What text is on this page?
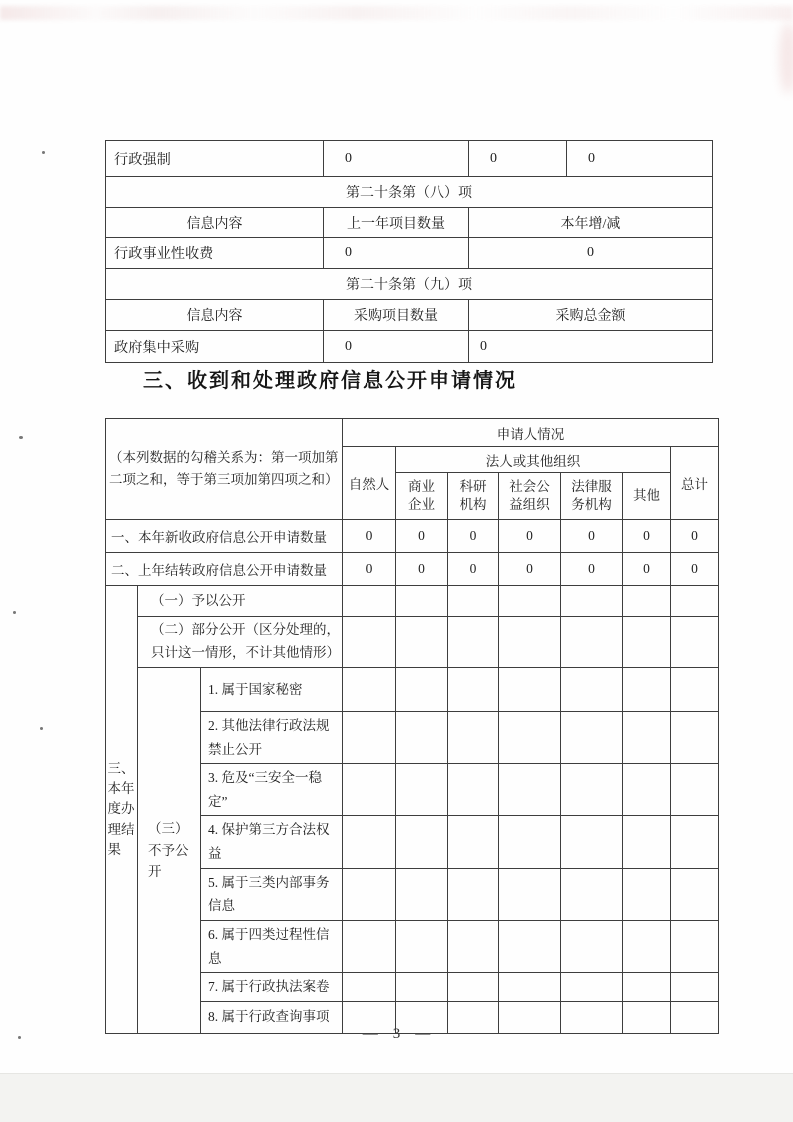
行政强制	0	0	0
第二十条第（八）项			
信息内容	上一年项目数量	本年增/减	
行政事业性收费	0	0	
第二十条第（九）项			
信息内容	采购项目数量	采购总金额	
政府集中采购	0	0	
三、收到和处理政府信息公开申请情况
（本列数据的勾稽关系为：第一项加第二项之和，等于第三项加第四项之和）			申请人情况						
			自然人	法人或其他组织					总计

				商业企业	科研机构	社会公益组织	法律服务机构	其他	

一、本年新收政府信息公开申请数量			0	0	0	0	0	0	0
二、上年结转政府信息公开申请数量			0	0	0	0	0	0	0

三、本年度办理结果	（一）予以公开								
	（二）部分公开（区分处理的，只计这一情形，不计其他情形）								

	（三）不予公开	1. 属于国家秘密							
		2. 其他法律行政法规禁止公开							
		3. 危及“三安全一稳定”							
		4. 保护第三方合法权益							
		5. 属于三类内部事务信息							
		6. 属于四类过程性信息							
		7. 属于行政执法案卷							
		8. 属于行政查询事项							
— 3 —
